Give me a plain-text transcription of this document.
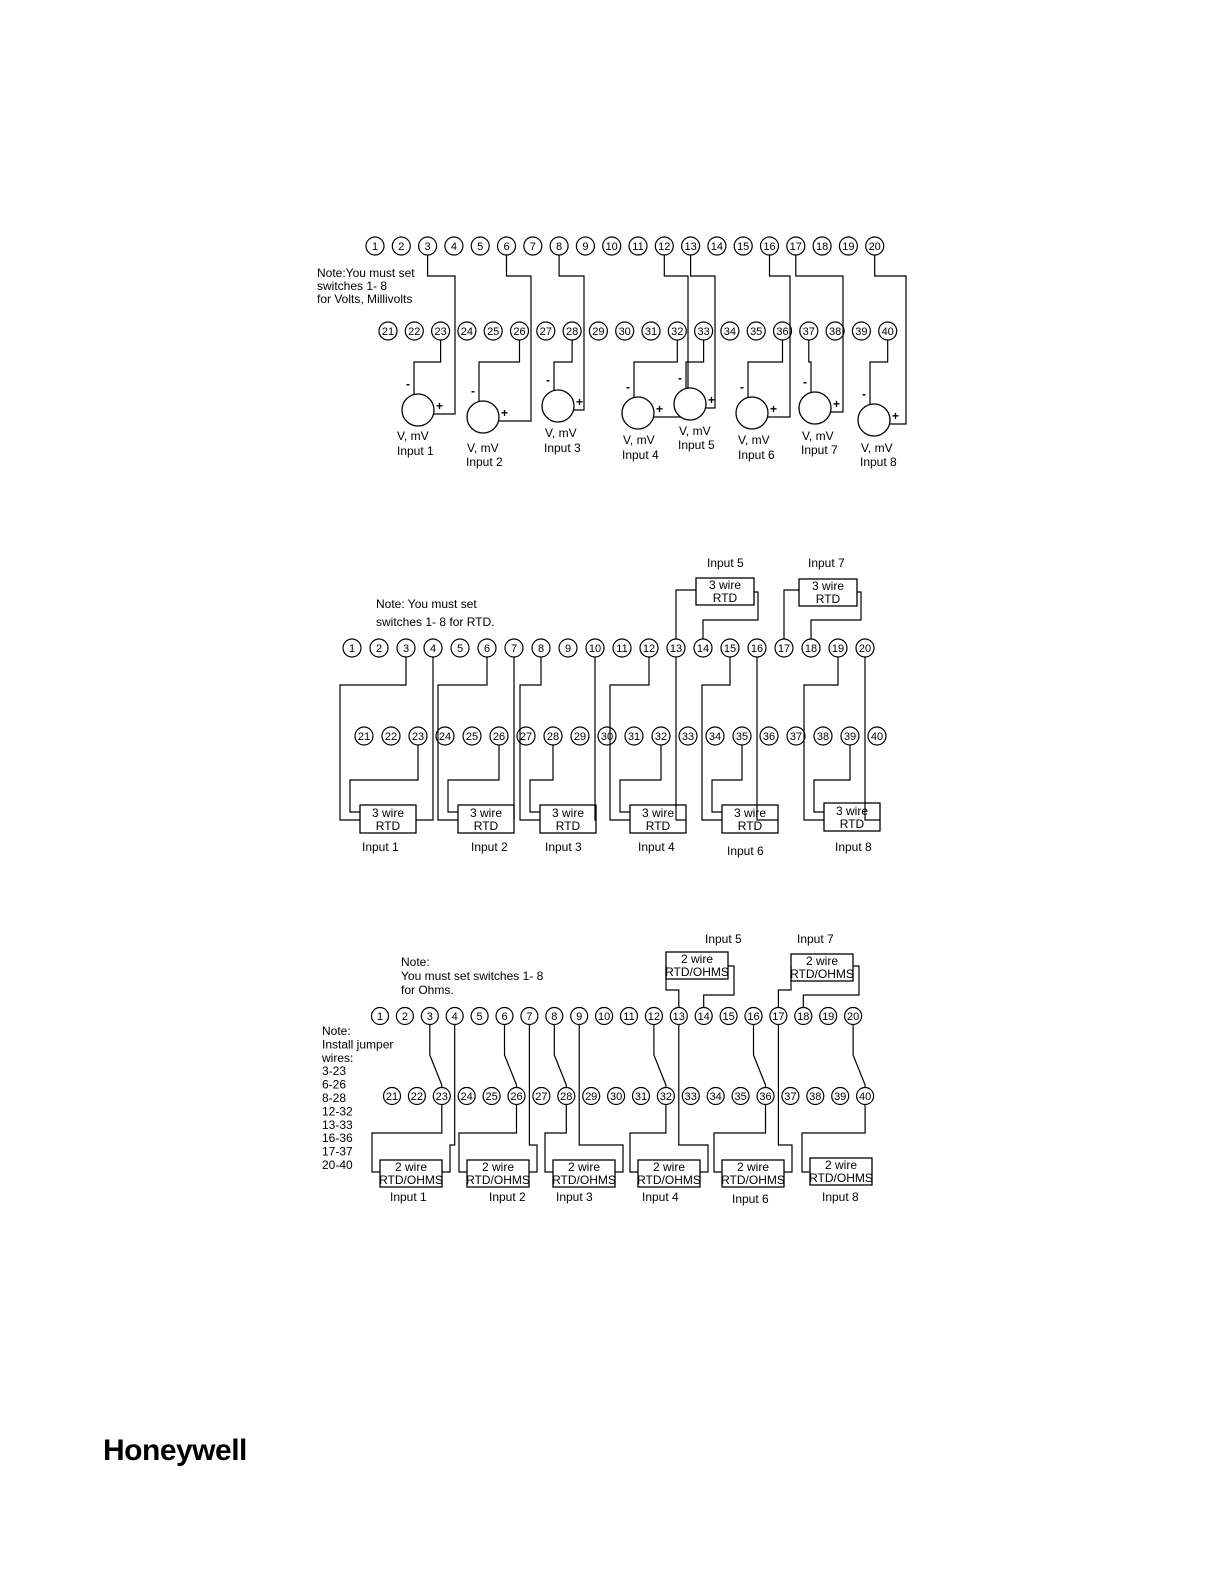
1 2 3 4 5 6 7 8 9 10 11 12 13 14 15 16 17 18 19 20
21 22 23 24 25 26 27 28 29 30 31 32 33 34 35 36 37 38 39 40
Note:You must set
switches 1- 8
for Volts, Millivolts
-
+
V, mV
Input 1
-
+
V, mV
Input 2
-
+
V, mV
Input 3
-
+
V, mV
Input 4
-
+
V, mV
Input 5
-
+
V, mV
Input 6
-
+
V, mV
Input 7
-
+
V, mV
Input 8
1 2 3 4 5 6 7 8 9 10 11 12 13 14 15 16 17 18 19 20
21 22 23 24 25 26 27 28 29 30 31 32 33 34 35 36 37 38 39 40
Note: You must set
switches 1- 8 for RTD.
3 wire
RTD
Input 1
3 wire
RTD
Input 2
3 wire
RTD
Input 3
3 wire
RTD
Input 4
3 wire
RTD
Input 6
3 wire
RTD
Input 8
3 wire
RTD
Input 5
3 wire
RTD
Input 7
1 2 3 4 5 6 7 8 9 10 11 12 13 14 15 16 17 18 19 20
21 22 23 24 25 26 27 28 29 30 31 32 33 34 35 36 37 38 39 40
Note:
You must set switches 1- 8
for Ohms.
Note:
Install jumper
wires:
3-23
6-26
8-28
12-32
13-33
16-36
17-37
20-40	2 wire
RTD/OHMS
Input 1
2 wire
RTD/OHMS
Input 2
2 wire
RTD/OHMS
Input 3
2 wire
RTD/OHMS
Input 4
2 wire
RTD/OHMS
Input 6
2 wire
RTD/OHMS
Input 8
2 wire
RTD/OHMS
Input 5
2 wire
RTD/OHMS
Input 7
Honeywell
